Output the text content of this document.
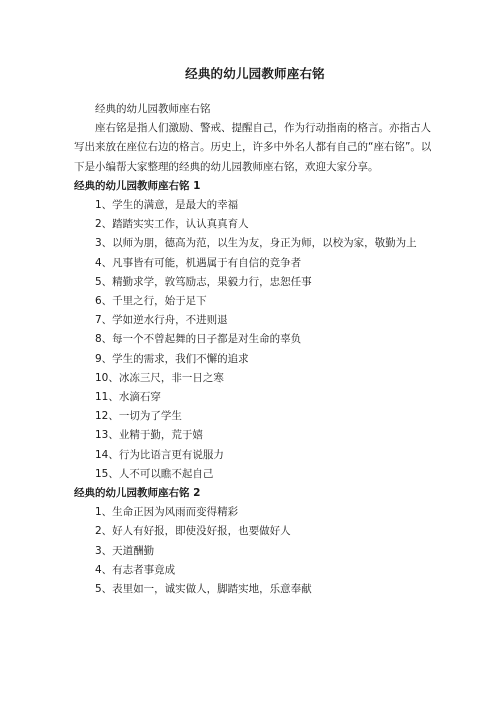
经典的幼儿园教师座右铭

经典的幼儿园教师座右铭

座右铭是指人们激励、警戒、提醒自己，作为行动指南的格言。亦指古人写出来放在座位右边的格言。历史上，许多中外名人都有自己的“座右铭”。以下是小编帮大家整理的经典的幼儿园教师座右铭，欢迎大家分享。

经典的幼儿园教师座右铭 1
1、学生的满意，是最大的幸福
2、踏踏实实工作，认认真真育人
3、以师为朋，德高为范，以生为友，身正为师，以校为家，敬勤为上
4、凡事皆有可能，机遇属于有自信的竞争者
5、精勤求学，敦笃励志，果毅力行，忠恕任事
6、千里之行，始于足下
7、学如逆水行舟，不进则退
8、每一个不曾起舞的日子都是对生命的辜负
9、学生的需求，我们不懈的追求
10、冰冻三尺，非一日之寒
11、水滴石穿
12、一切为了学生
13、业精于勤，荒于嬉
14、行为比语言更有说服力
15、人不可以瞧不起自己
经典的幼儿园教师座右铭 2
1、生命正因为风雨而变得精彩
2、好人有好报，即使没好报，也要做好人
3、天道酬勤
4、有志者事竟成
5、表里如一，诚实做人，脚踏实地，乐意奉献
